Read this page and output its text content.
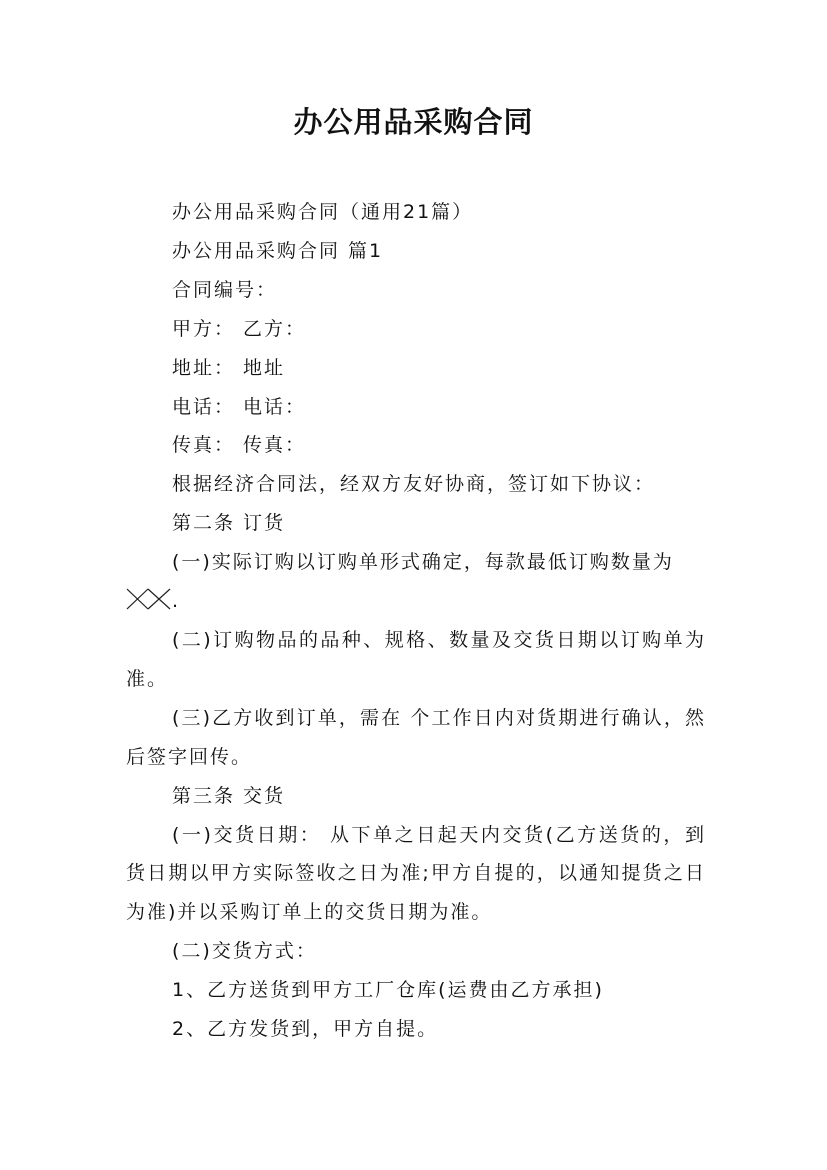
办公用品采购合同

办公用品采购合同（通用21篇）

办公用品采购合同 篇1

合同编号：

甲方： 乙方：

地址： 地址

电话： 电话：

传真： 传真：

根据经济合同法，经双方友好协商，签订如下协议：

第二条 订货

(一)实际订购以订购单形式确定，每款最低订购数量为

.

(二)订购物品的品种、规格、数量及交货日期以订购单为准。

(三)乙方收到订单，需在 个工作日内对货期进行确认，然后签字回传。

第三条 交货

(一)交货日期： 从下单之日起天内交货(乙方送货的，到货日期以甲方实际签收之日为准;甲方自提的，以通知提货之日为准)并以采购订单上的交货日期为准。

(二)交货方式：

1、乙方送货到甲方工厂仓库(运费由乙方承担)

2、乙方发货到，甲方自提。
